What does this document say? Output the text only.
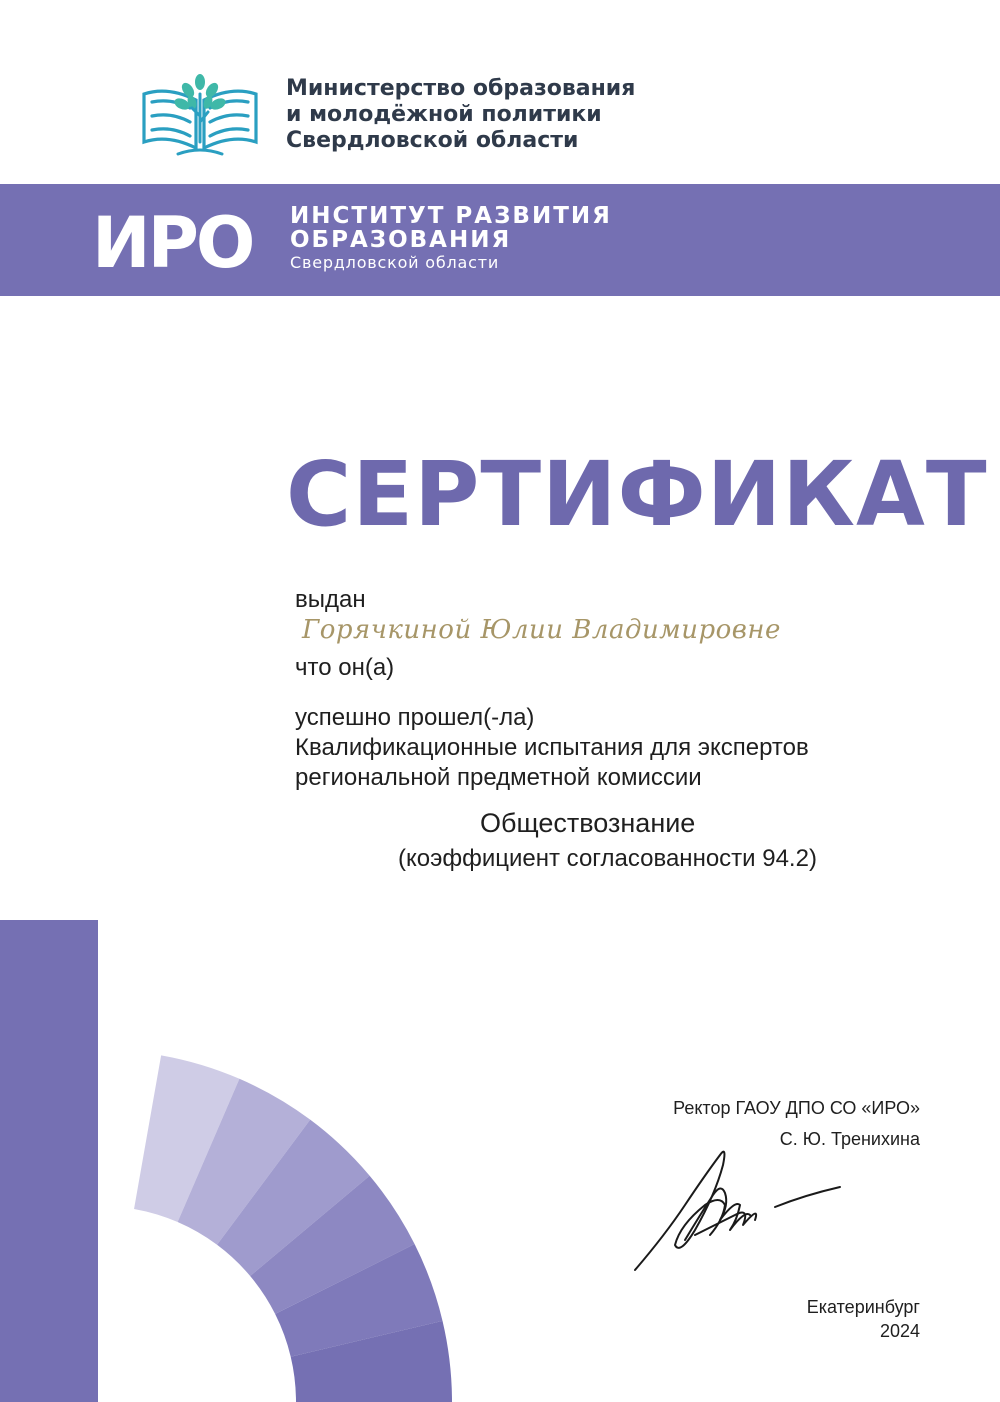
Министерство образования
и молодёжной политики
Свердловской области
ИРО ИНСТИТУТ РАЗВИТИЯ
ОБРАЗОВАНИЯ
Свердловской области
СЕРТИФИКАТ
выдан
Горячкиной Юлии Владимировне
что он(а)
успешно прошел(-ла)
Квалификационные испытания для экспертов
региональной предметной комиссии
Обществознание
(коэффициент согласованности 94.2)
Ректор ГАОУ ДПО СО «ИРО»
С. Ю. Тренихина
Екатеринбург
2024
